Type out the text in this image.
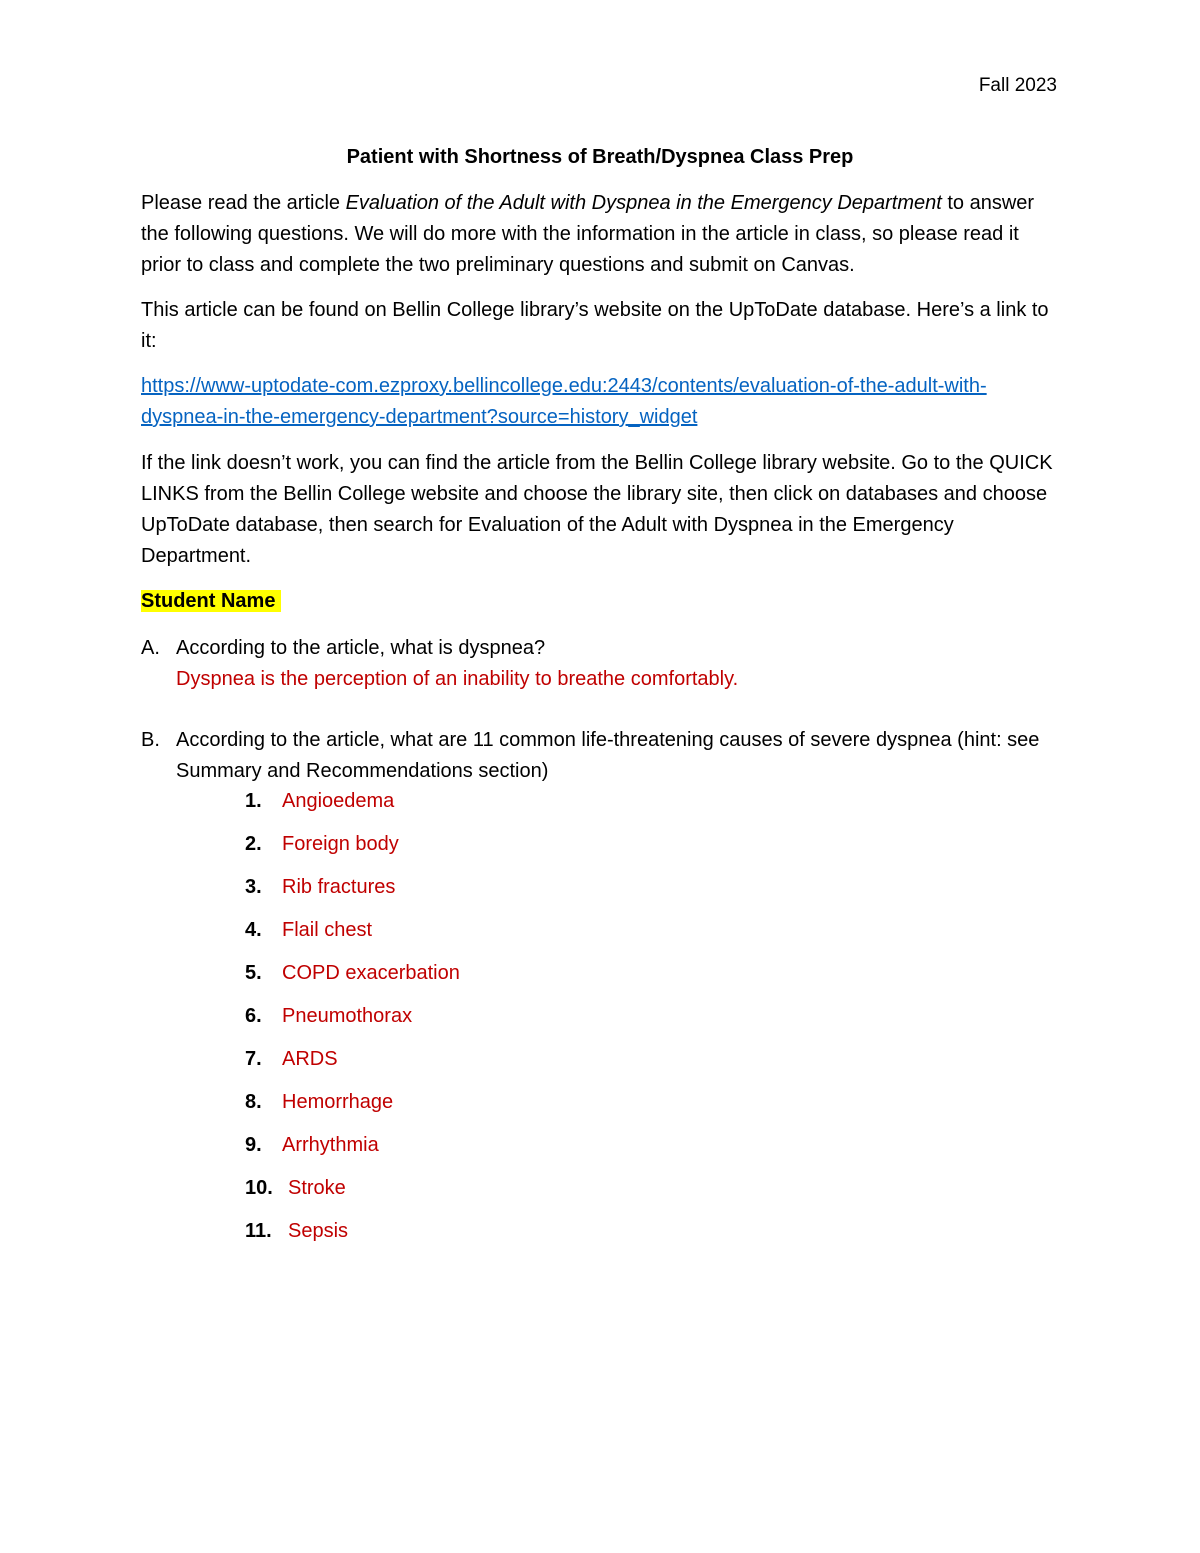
Fall 2023
Patient with Shortness of Breath/Dyspnea Class Prep
Please read the article Evaluation of the Adult with Dyspnea in the Emergency Department to answer the following questions. We will do more with the information in the article in class, so please read it prior to class and complete the two preliminary questions and submit on Canvas.
This article can be found on Bellin College library’s website on the UpToDate database. Here’s a link to it:
https://www-uptodate-com.ezproxy.bellincollege.edu:2443/contents/evaluation-of-the-adult-with-dyspnea-in-the-emergency-department?source=history_widget
If the link doesn’t work, you can find the article from the Bellin College library website. Go to the QUICK LINKS from the Bellin College website and choose the library site, then click on databases and choose UpToDate database, then search for Evaluation of the Adult with Dyspnea in the Emergency Department.
Student Name
A. According to the article, what is dyspnea?
Dyspnea is the perception of an inability to breathe comfortably.
B. According to the article, what are 11 common life-threatening causes of severe dyspnea (hint: see Summary and Recommendations section)
1. Angioedema
2. Foreign body
3. Rib fractures
4. Flail chest
5. COPD exacerbation
6. Pneumothorax
7. ARDS
8. Hemorrhage
9. Arrhythmia
10. Stroke
11. Sepsis
